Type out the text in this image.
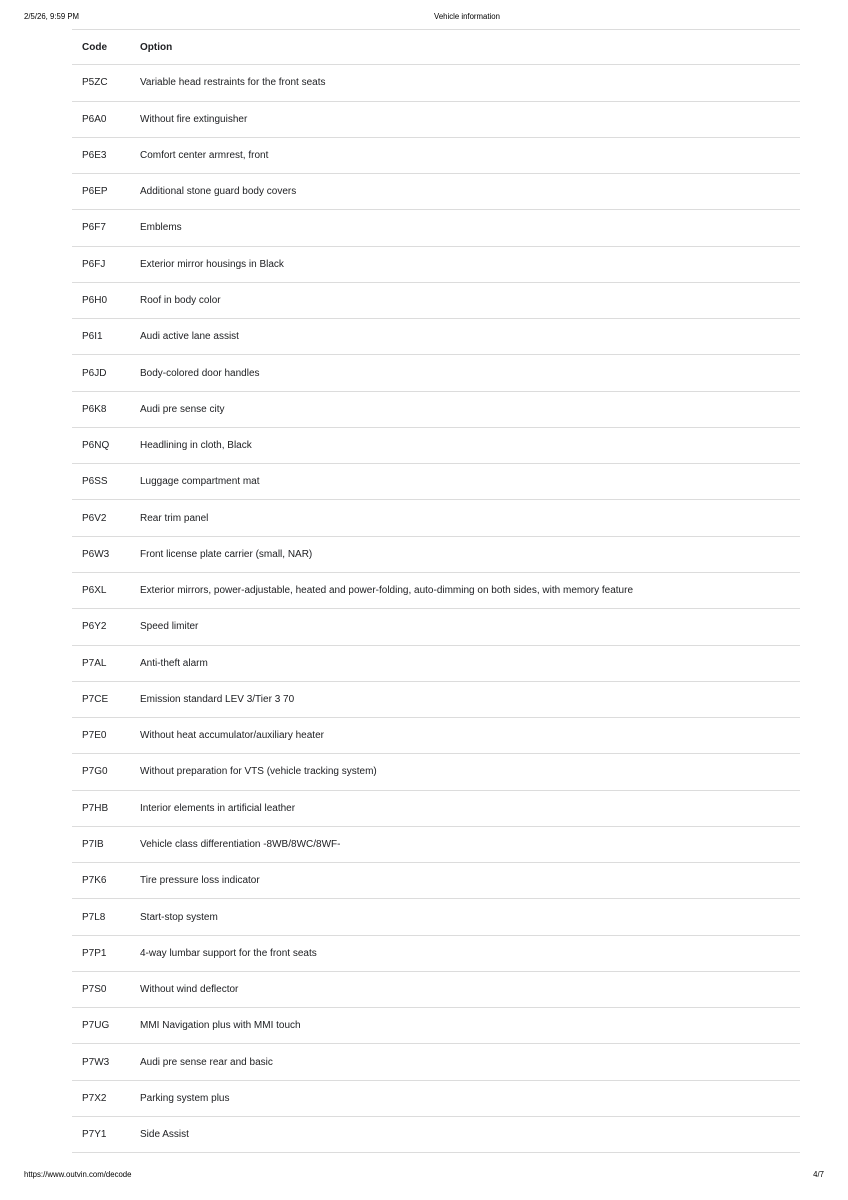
2/5/26, 9:59 PM	Vehicle information
Code	Option
P5ZC	Variable head restraints for the front seats
P6A0	Without fire extinguisher
P6E3	Comfort center armrest, front
P6EP	Additional stone guard body covers
P6F7	Emblems
P6FJ	Exterior mirror housings in Black
P6H0	Roof in body color
P6I1	Audi active lane assist
P6JD	Body-colored door handles
P6K8	Audi pre sense city
P6NQ	Headlining in cloth, Black
P6SS	Luggage compartment mat
P6V2	Rear trim panel
P6W3	Front license plate carrier (small, NAR)
P6XL	Exterior mirrors, power-adjustable, heated and power-folding, auto-dimming on both sides, with memory feature
P6Y2	Speed limiter
P7AL	Anti-theft alarm
P7CE	Emission standard LEV 3/Tier 3 70
P7E0	Without heat accumulator/auxiliary heater
P7G0	Without preparation for VTS (vehicle tracking system)
P7HB	Interior elements in artificial leather
P7IB	Vehicle class differentiation -8WB/8WC/8WF-
P7K6	Tire pressure loss indicator
P7L8	Start-stop system
P7P1	4-way lumbar support for the front seats
P7S0	Without wind deflector
P7UG	MMI Navigation plus with MMI touch
P7W3	Audi pre sense rear and basic
P7X2	Parking system plus
P7Y1	Side Assist
https://www.outvin.com/decode	4/7
